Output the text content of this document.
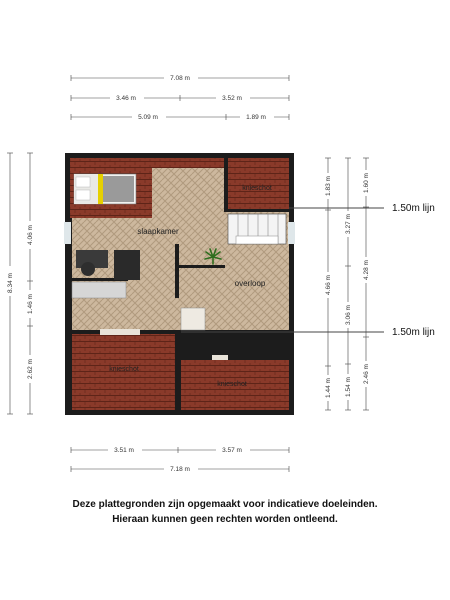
7.08 m
3.46 m	3.52 m
5.09 m	1.89 m
slaapkamer
overloop
knieschot
knieschot
knieschot
1.50m lijn
1.50m lijn
8.34 m
4.06 m
1.46 m
2.62 m
1.83 m
4.66 m
1.44 m
3.27 m
3.06 m
1.54 m
1.60 m
4.28 m
2.46 m
3.51 m	3.57 m
7.18 m
Deze plattegronden zijn opgemaakt voor indicatieve doeleinden.
Hieraan kunnen geen rechten worden ontleend.
